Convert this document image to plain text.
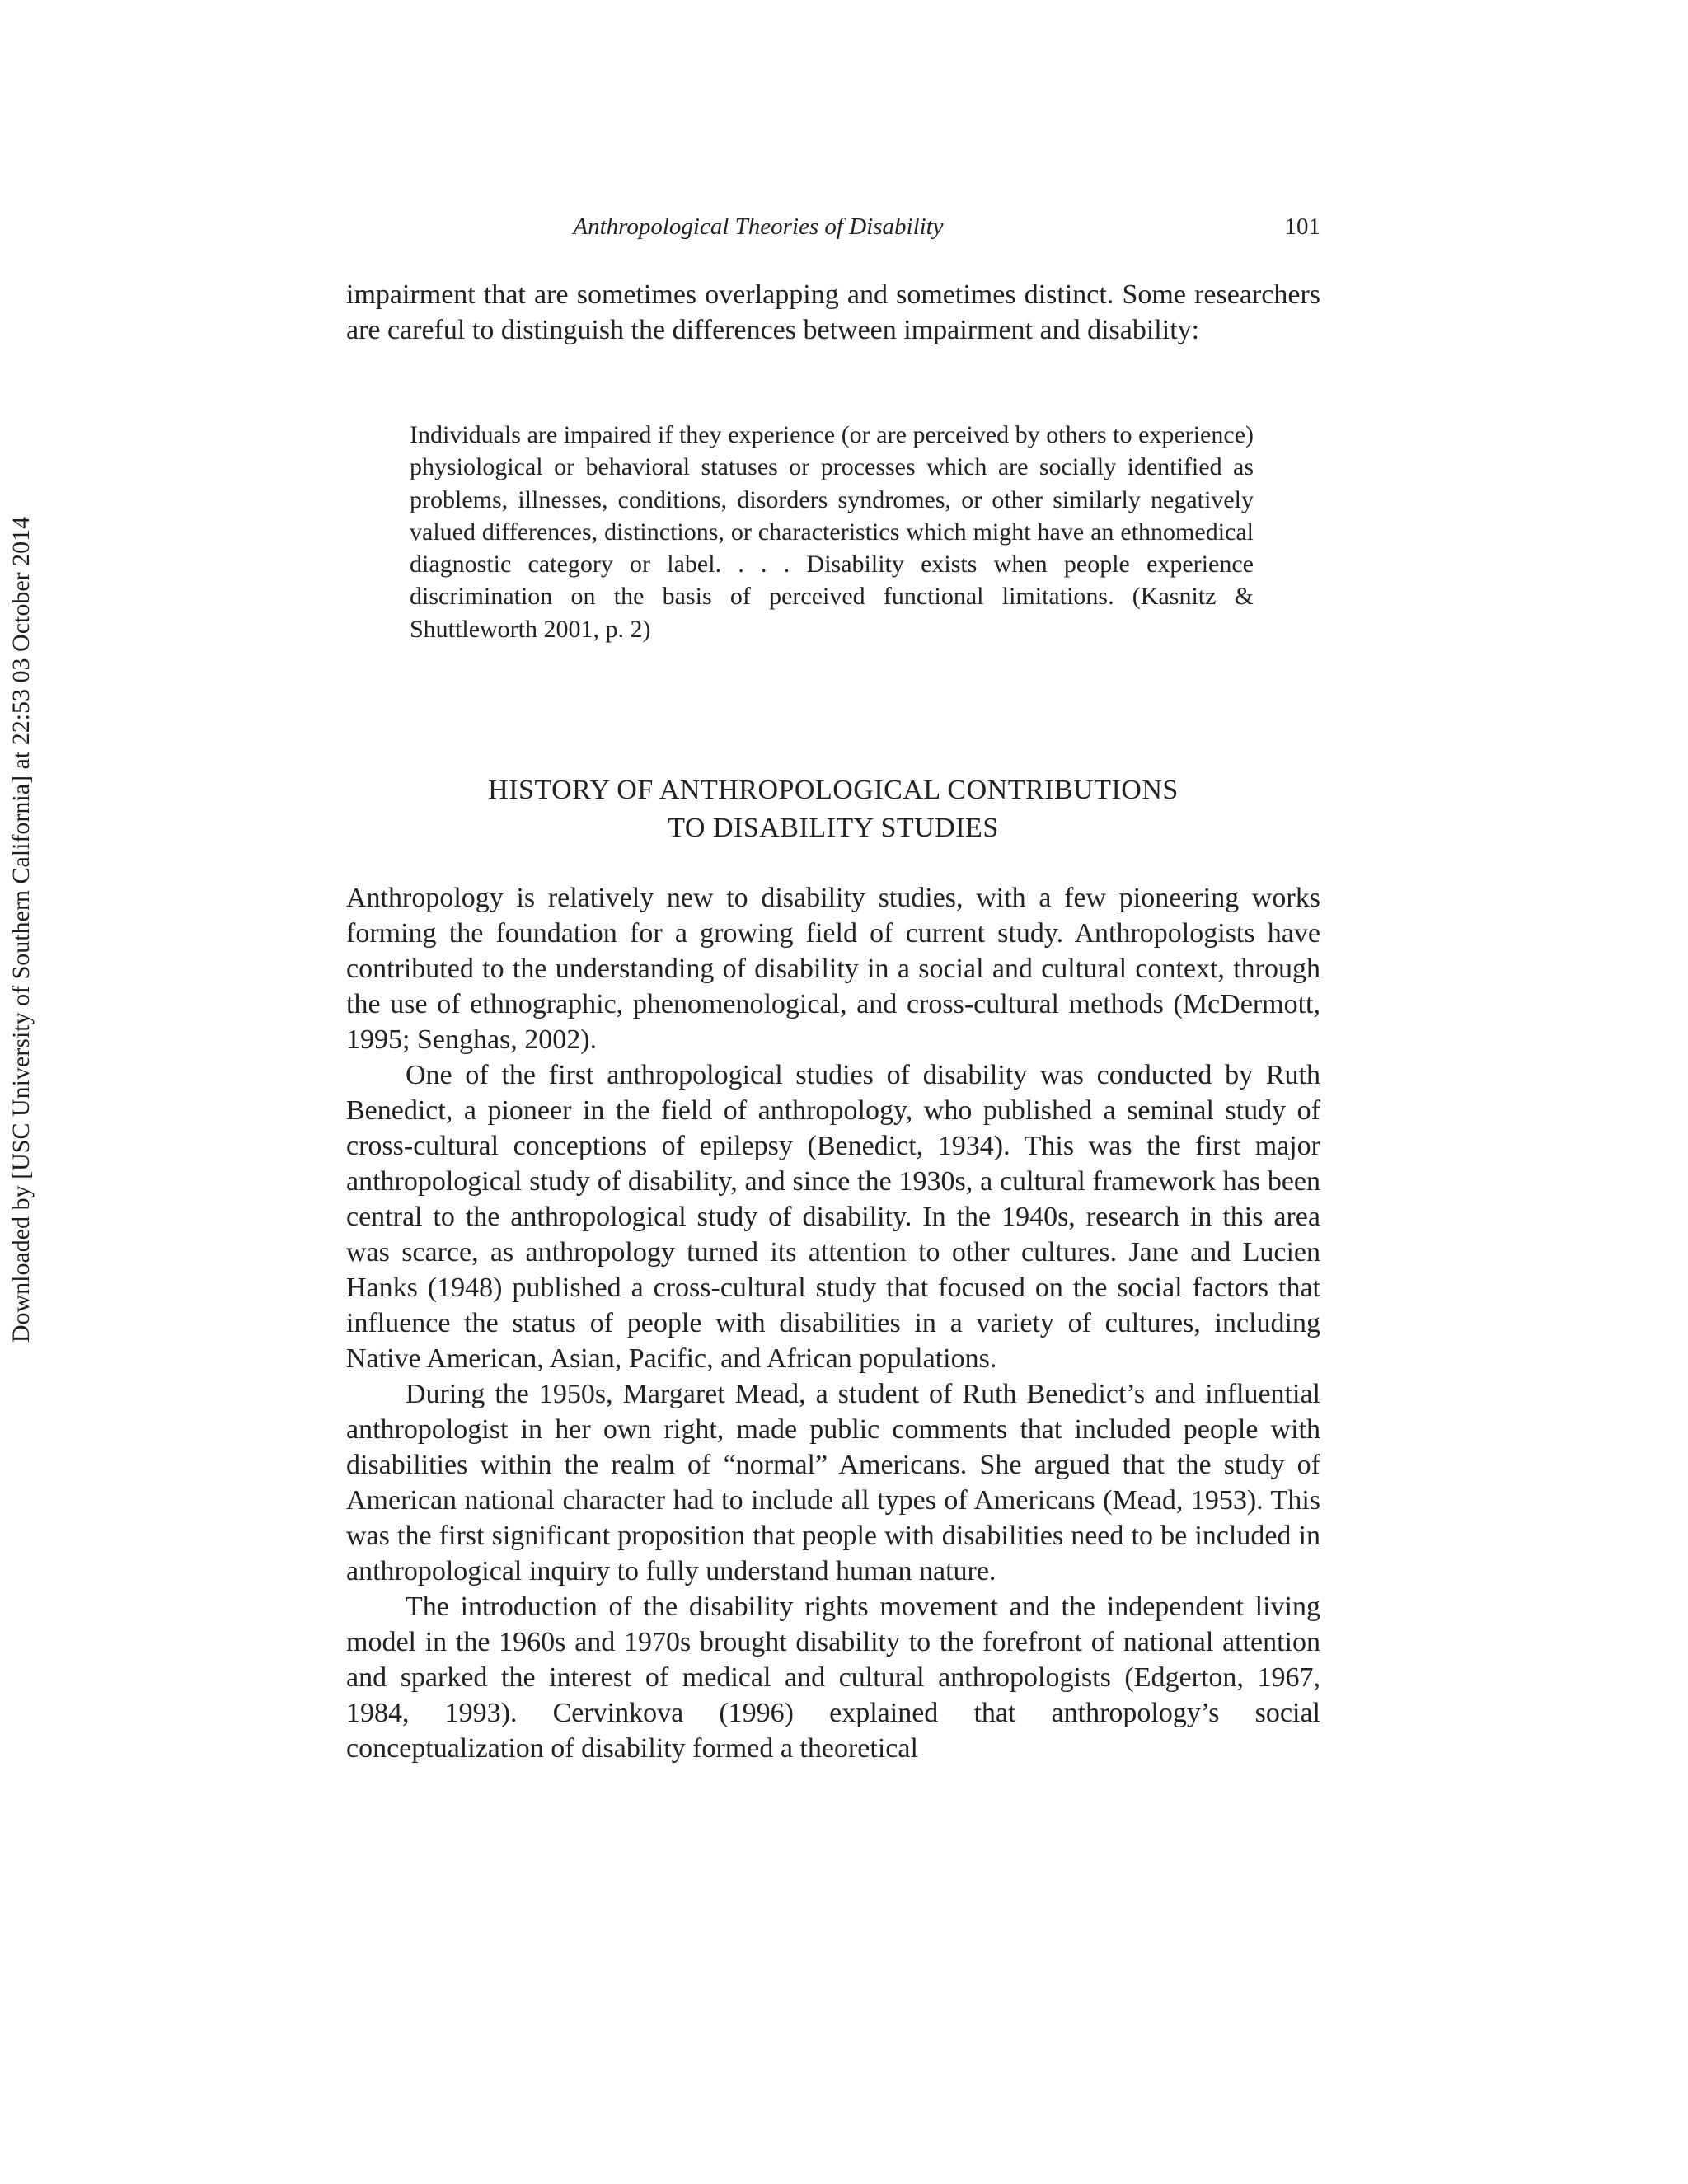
Downloaded by [USC University of Southern California] at 22:53 03 October 2014
Anthropological Theories of Disability	101

impairment that are sometimes overlapping and sometimes distinct. Some researchers are careful to distinguish the differences between impairment and disability:

Individuals are impaired if they experience (or are perceived by others to experience) physiological or behavioral statuses or processes which are socially identified as problems, illnesses, conditions, disorders syndromes, or other similarly negatively valued differences, distinctions, or characteristics which might have an ethnomedical diagnostic category or label. . . . Disability exists when people experience discrimination on the basis of perceived functional limitations. (Kasnitz & Shuttleworth 2001, p. 2)
HISTORY OF ANTHROPOLOGICAL CONTRIBUTIONS
TO DISABILITY STUDIES

Anthropology is relatively new to disability studies, with a few pioneering works forming the foundation for a growing field of current study. Anthropologists have contributed to the understanding of disability in a social and cultural context, through the use of ethnographic, phenomenological, and cross-cultural methods (McDermott, 1995; Senghas, 2002).

One of the first anthropological studies of disability was conducted by Ruth Benedict, a pioneer in the field of anthropology, who published a seminal study of cross-cultural conceptions of epilepsy (Benedict, 1934). This was the first major anthropological study of disability, and since the 1930s, a cultural framework has been central to the anthropological study of disability. In the 1940s, research in this area was scarce, as anthropology turned its attention to other cultures. Jane and Lucien Hanks (1948) published a cross-cultural study that focused on the social factors that influence the status of people with disabilities in a variety of cultures, including Native American, Asian, Pacific, and African populations.

During the 1950s, Margaret Mead, a student of Ruth Benedict’s and influential anthropologist in her own right, made public comments that included people with disabilities within the realm of “normal” Americans. She argued that the study of American national character had to include all types of Americans (Mead, 1953). This was the first significant proposition that people with disabilities need to be included in anthropological inquiry to fully understand human nature.

The introduction of the disability rights movement and the independent living model in the 1960s and 1970s brought disability to the forefront of national attention and sparked the interest of medical and cultural anthropologists (Edgerton, 1967, 1984, 1993). Cervinkova (1996) explained that anthropology’s social conceptualization of disability formed a theoretical
